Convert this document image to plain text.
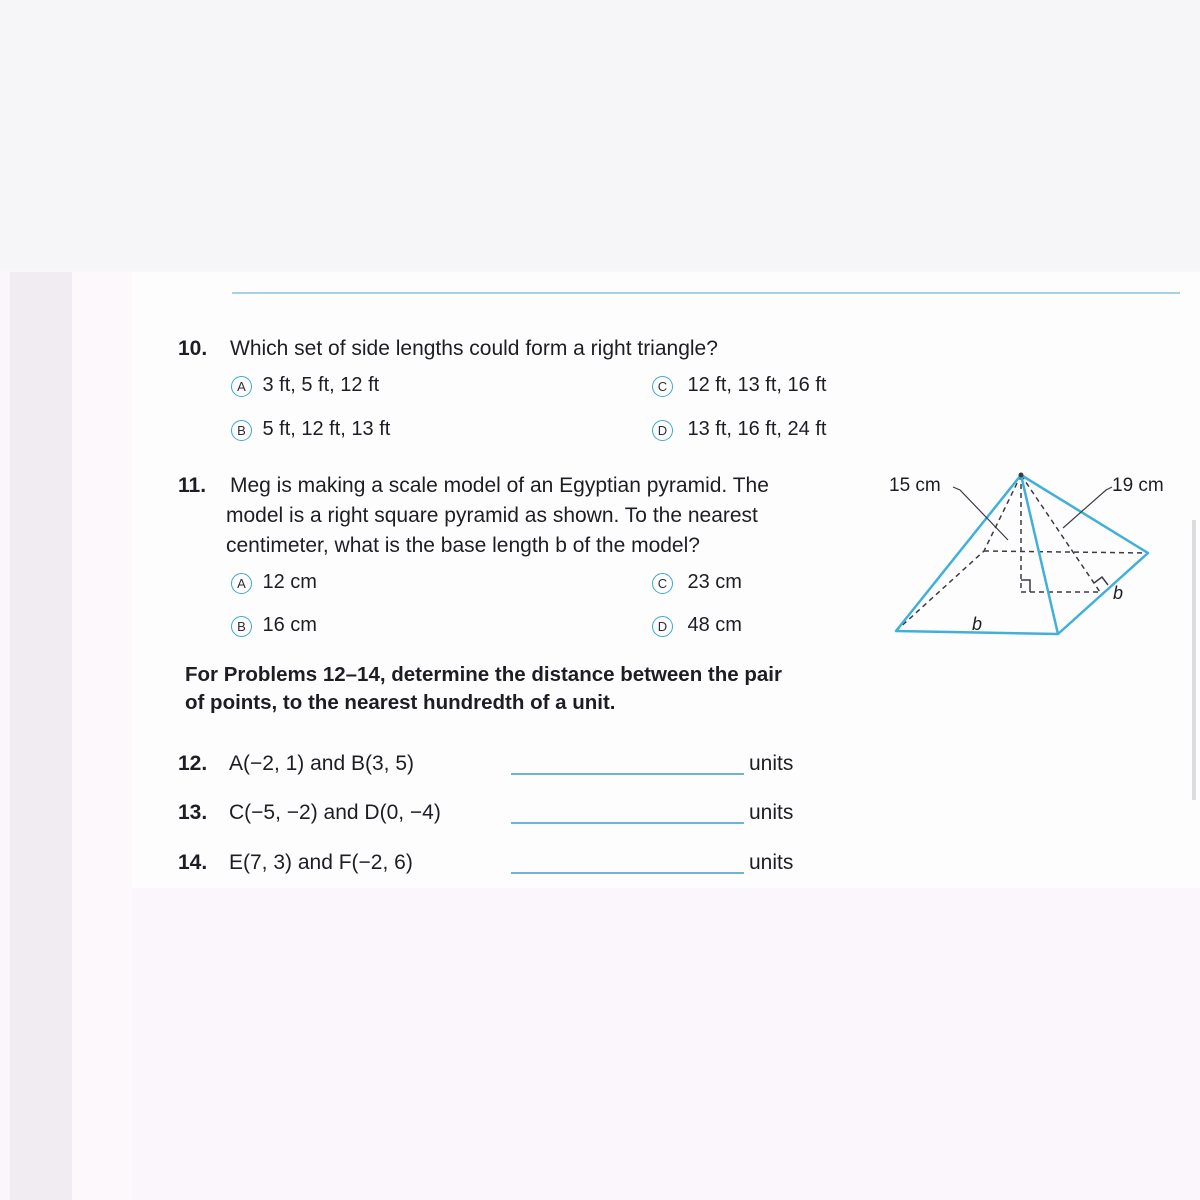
10. Which set of side lengths could form a right triangle?
A 3 ft, 5 ft, 12 ft
B 5 ft, 12 ft, 13 ft
C 12 ft, 13 ft, 16 ft
D 13 ft, 16 ft, 24 ft
11. Meg is making a scale model of an Egyptian pyramid. The
model is a right square pyramid as shown. To the nearest
centimeter, what is the base length b of the model?
A 12 cm
B 16 cm
C 23 cm
D 48 cm
15 cm	19 cm
b
b
For Problems 12–14, determine the distance between the pair
of points, to the nearest hundredth of a unit.
12. A(−2, 1) and B(3, 5)	units
13. C(−5, −2) and D(0, −4)	units
14. E(7, 3) and F(−2, 6)	units
